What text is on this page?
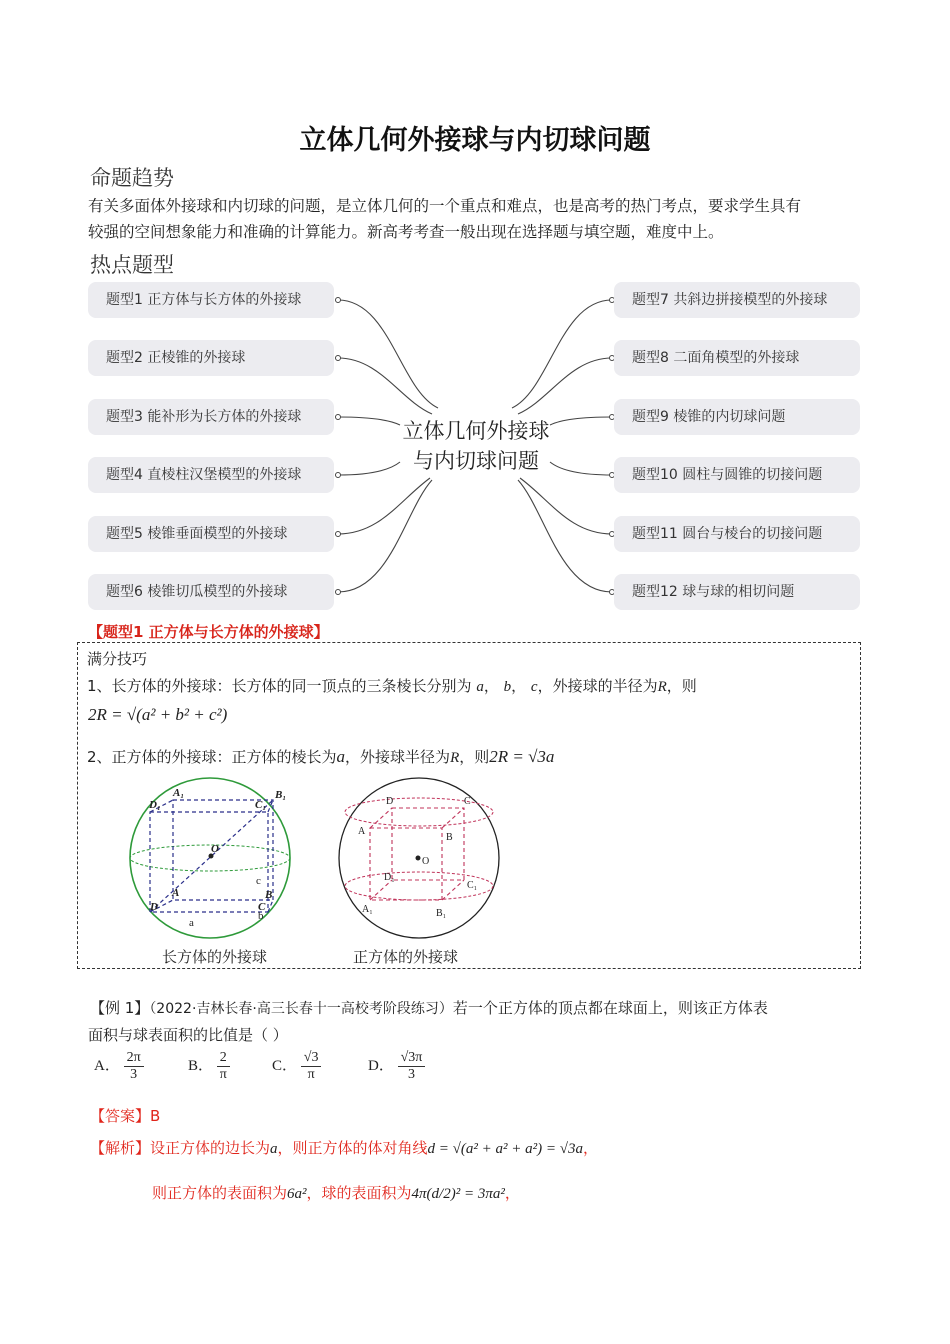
立体几何外接球与内切球问题
命题趋势
有关多面体外接球和内切球的问题，是立体几何的一个重点和难点，也是高考的热门考点，要求学生具有
较强的空间想象能力和准确的计算能力。新高考考查一般出现在选择题与填空题，难度中上。
热点题型
题型1 正方体与长方体的外接球
题型2 正棱锥的外接球
题型3 能补形为长方体的外接球
题型4 直棱柱汉堡模型的外接球
题型5 棱锥垂面模型的外接球
题型6 棱锥切瓜模型的外接球
题型7 共斜边拼接模型的外接球
题型8 二面角模型的外接球
题型9 棱锥的内切球问题
题型10 圆柱与圆锥的切接问题
题型11 圆台与棱台的切接问题
题型12 球与球的相切问题
立体几何外接球
与内切球问题
【题型1 正方体与长方体的外接球】
满分技巧
1、长方体的外接球：长方体的同一顶点的三条棱长分别为 a， b， c，外接球的半径为R，则
2R = √(a² + b² + c²)
2、正方体的外接球：正方体的棱长为a，外接球半径为R，则2R = √3a
A₁	B₁
D₁	C₁
O
A
D	C
B
c
b
a
长方体的外接球
D	C
A
B
O
D₁
C₁
A₁	B₁
正方体的外接球
【例 1】（2022·吉林长春·高三长春十一高校考阶段练习）若一个正方体的顶点都在球面上，则该正方体表
面积与球表面积的比值是（ ）
A． $\frac{2\pi}{3}$	B． $\frac{2}{\pi}$	C． $\frac{√3}{\pi}$	D． $\frac{√3\pi}{3}$
【答案】B
【解析】设正方体的边长为a，则正方体的体对角线d = √(a² + a² + a²) = √3a，
则正方体的表面积为6a²，球的表面积为4π(d/2)² = 3πa²，
